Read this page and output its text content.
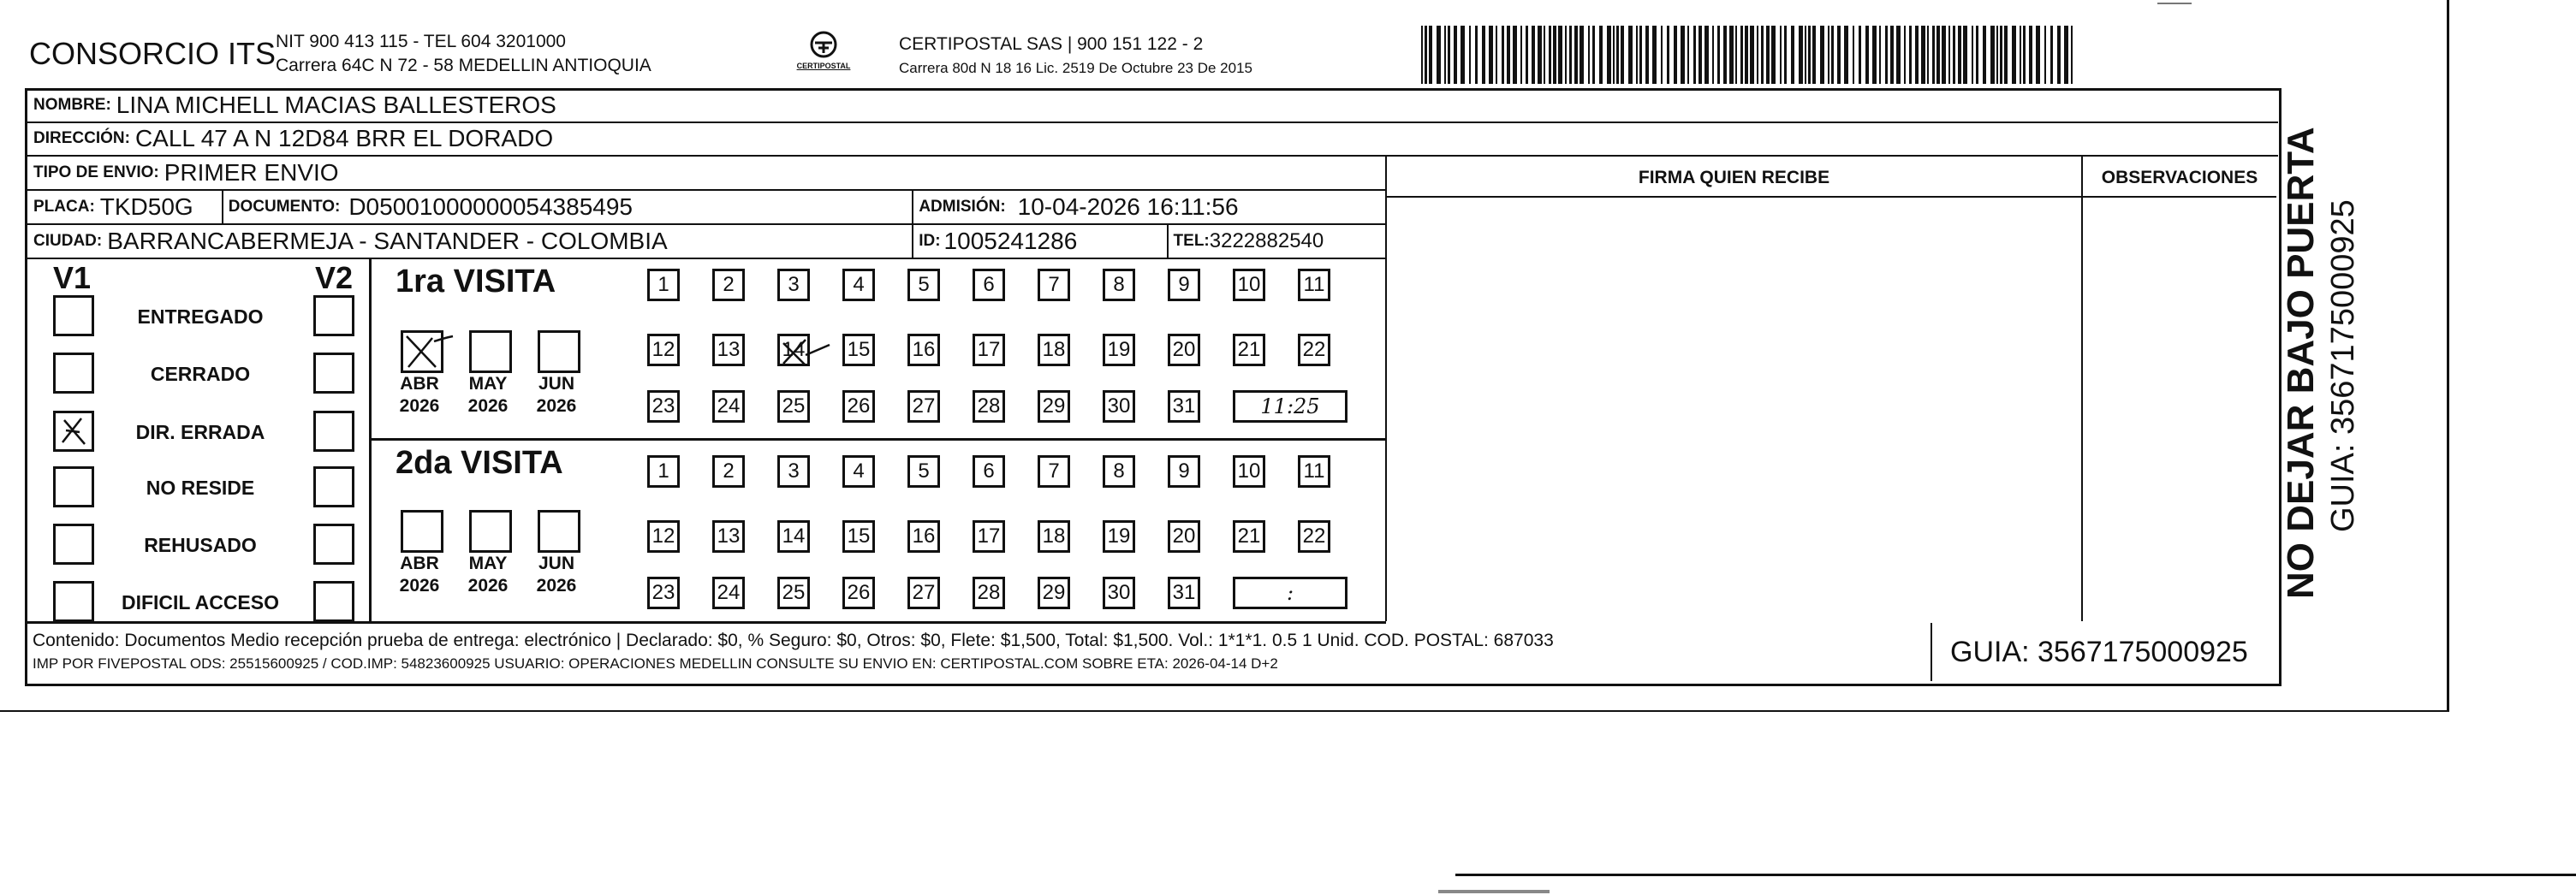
CONSORCIO ITS NIT 900 413 115 - TEL 604 3201000
Carrera 64C N 72 - 58 MEDELLIN ANTIOQUIA	CERTIPOSTAL
CERTIPOSTAL SAS | 900 151 122 - 2
Carrera 80d N 18 16 Lic. 2519 De Octubre 23 De 2015
NOMBRE: LINA MICHELL MACIAS BALLESTEROS
DIRECCIÓN: CALL 47 A N 12D84 BRR EL DORADO
TIPO DE ENVIO: PRIMER ENVIO
PLACA: TKD50G	DOCUMENTO: D05001000000054385495	ADMISIÓN: 10-04-2026 16:11:56
CIUDAD: BARRANCABERMEJA - SANTANDER - COLOMBIA	ID: 1005241286	TEL: 3222882540
FIRMA QUIEN RECIBE	OBSERVACIONES
V1	V2
ENTREGADO
CERRADO
DIR. ERRADA
NO RESIDE
REHUSADO
DIFICIL ACCESO
1ra VISITA
ABR
2026
MAY
2026
JUN
2026
1	2	3	4	5	6	7	8	9	10 11
12 13 14 15 16 17 18 19 20 21 22
23 24 25 26 27 28 29 30 31	11:25
2da VISITA
ABR
2026
MAY
2026
JUN
2026
1	2	3	4	5	6	7	8	9	10 11
12 13 14 15 16 17 18 19 20 21 22
23 24 25 26 27 28 29 30 31	:
Contenido: Documentos Medio recepción prueba de entrega: electrónico | Declarado: $0, % Seguro: $0, Otros: $0, Flete: $1,500, Total: $1,500. Vol.: 1*1*1. 0.5 1 Unid. COD. POSTAL: 687033
IMP POR FIVEPOSTAL ODS: 25515600925 / COD.IMP: 54823600925 USUARIO: OPERACIONES MEDELLIN CONSULTE SU ENVIO EN: CERTIPOSTAL.COM SOBRE ETA: 2026-04-14 D+2	GUIA: 3567175000925
NO DEJAR BAJO PUERTA GUIA: 3567175000925
